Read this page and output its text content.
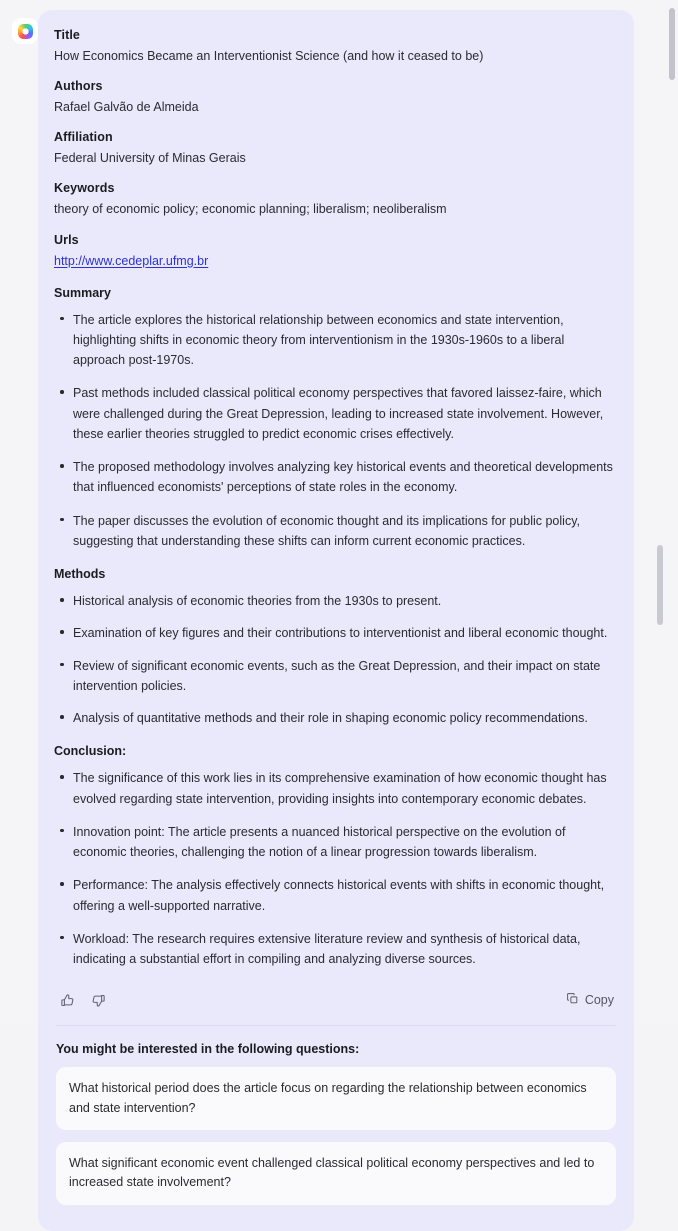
Title
How Economics Became an Interventionist Science (and how it ceased to be)
Authors
Rafael Galvão de Almeida
Affiliation
Federal University of Minas Gerais
Keywords
theory of economic policy; economic planning; liberalism; neoliberalism
Urls
http://www.cedeplar.ufmg.br
Summary
The article explores the historical relationship between economics and state intervention, highlighting shifts in economic theory from interventionism in the 1930s-1960s to a liberal approach post-1970s.
Past methods included classical political economy perspectives that favored laissez-faire, which were challenged during the Great Depression, leading to increased state involvement. However, these earlier theories struggled to predict economic crises effectively.
The proposed methodology involves analyzing key historical events and theoretical developments that influenced economists' perceptions of state roles in the economy.
The paper discusses the evolution of economic thought and its implications for public policy, suggesting that understanding these shifts can inform current economic practices.
Methods
Historical analysis of economic theories from the 1930s to present.
Examination of key figures and their contributions to interventionist and liberal economic thought.
Review of significant economic events, such as the Great Depression, and their impact on state intervention policies.
Analysis of quantitative methods and their role in shaping economic policy recommendations.
Conclusion:
The significance of this work lies in its comprehensive examination of how economic thought has evolved regarding state intervention, providing insights into contemporary economic debates.
Innovation point: The article presents a nuanced historical perspective on the evolution of economic theories, challenging the notion of a linear progression towards liberalism.
Performance: The analysis effectively connects historical events with shifts in economic thought, offering a well-supported narrative.
Workload: The research requires extensive literature review and synthesis of historical data, indicating a substantial effort in compiling and analyzing diverse sources.
Copy
You might be interested in the following questions:
What historical period does the article focus on regarding the relationship between economics and state intervention?
What significant economic event challenged classical political economy perspectives and led to increased state involvement?
